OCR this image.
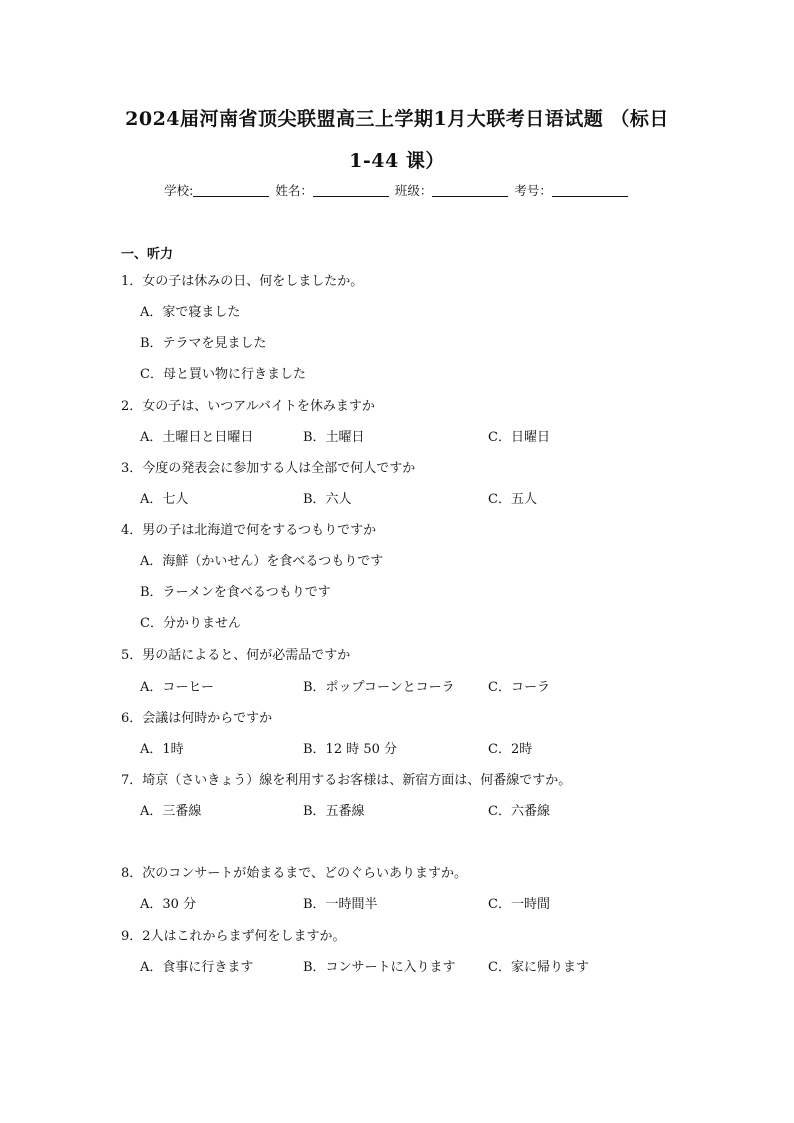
2024届河南省顶尖联盟高三上学期1月大联考日语试题 （标日
1-44 课）
学校:	姓名：	班级：	考号：
一、听力
1．女の子は休みの日、何をしましたか。
A．家で寝ました
B．テラマを見ました
C．母と買い物に行きました
2．女の子は、いつアルバイトを休みますか
A．土曜日と日曜日	B．土曜日	C．日曜日
3．今度の発表会に参加する人は全部で何人ですか
A．七人	B．六人	C．五人
4．男の子は北海道で何をするつもりですか
A．海鮮（かいせん）を食べるつもりです
B．ラーメンを食べるつもりです
C．分かりません
5．男の話によると、何が必需品ですか
A．コーヒー	B．ポップコーンとコーラ	C．コーラ
6．会議は何時からですか
A．1時	B．12 時 50 分	C．2時
7．埼京（さいきょう）線を利用するお客様は、新宿方面は、何番線ですか。
A．三番線	B．五番線	C．六番線
8．次のコンサートが始まるまで、どのぐらいありますか。
A．30 分	B．一時間半	C．一時間
9．2人はこれからまず何をしますか。
A．食事に行きます	B．コンサートに入ります C．家に帰ります
